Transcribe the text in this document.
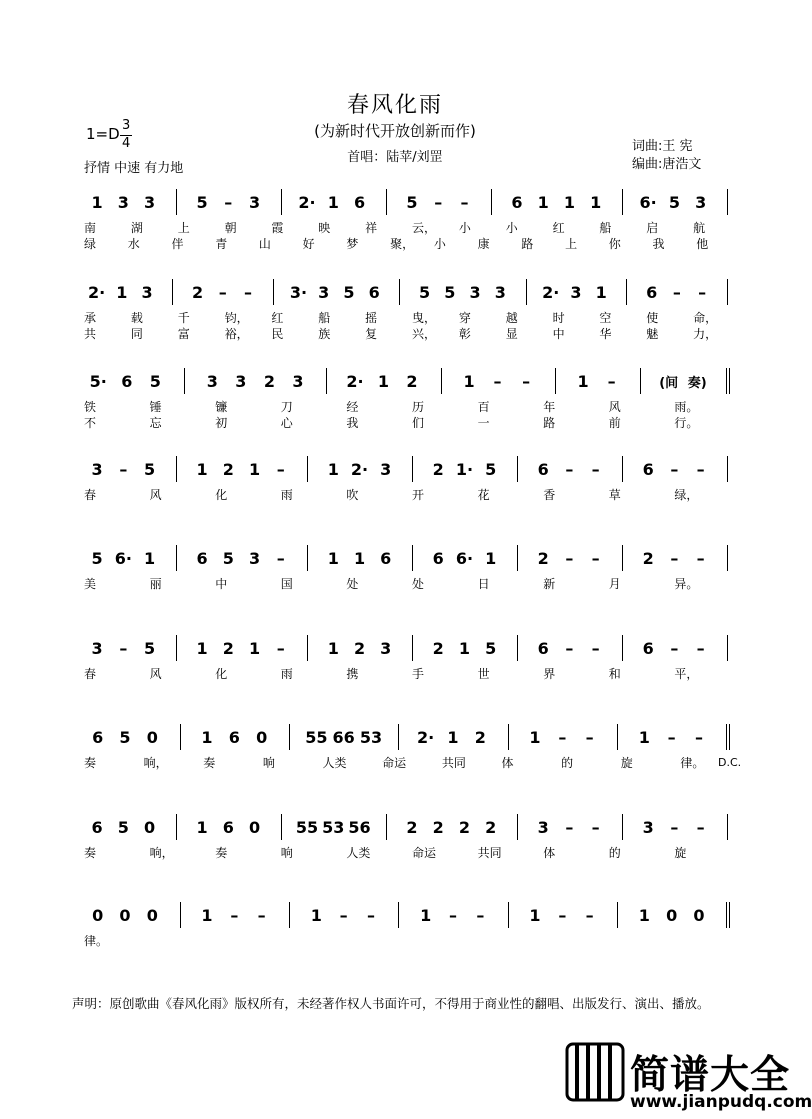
春风化雨
(为新时代开放创新而作)
首唱：陆苹/刘罡
词曲:王 宪
编曲:唐浩文
1=D 3
4
抒情 中速 有力地
1 3 3	5	–	3	2· 1 6	5	–	–	6 1 1 1	6· 5 3
南	湖	上	朝	霞	映	祥	云， 小	小	红	船	启	航
绿	水	伴	青	山	好	梦	聚， 小	康	路	上	你	我	他
2· 1 3	2 –	–	3· 3 5 6	5 5 3 3	2· 3 1	6 –	–
承	载	千	钧， 红	船	摇	曳， 穿	越	时	空	使	命，
共	同	富	裕， 民	族	复	兴， 彰	显	中	华	魅	力，
5· 6	5	3	3	2	3	2· 1	2	1	–	–	1	–	(间 奏)
铁	锤	镰	刀	经	历	百	年	风	雨。
不	忘	初	心	我	们	一	路	前	行。
3	–	5	1 2 1	–	1 2· 3	2 1· 5	6	–	–	6	–	–
春	风	化	雨	吹	开	花	香	草	绿，
5 6· 1	6 5 3	–	1 1 6	6 6· 1	2	–	–	2	–	–
美	丽	中	国	处	处	日	新	月	异。
3	–	5	1 2 1	–	1 2 3	2 1 5	6	–	–	6	–	–
春	风	化	雨	携	手	世	界	和	平，
6	5	0	1	6	0	55 66 53	2· 1	2	1	–	–	1	–	–
奏	响，	奏	响	人类	命运	共同	体	的	旋	律。 D.C.
6 5 0	1 6 0	55 53 56	2 2 2 2	3	–	–	3	–	–
奏	响，	奏	响	人类	命运	共同	体	的	旋
0	0	0	1	–	–	1	–	–	1	–	–	1	–	–	1	0	0
律。
声明：原创歌曲《春风化雨》版权所有，未经著作权人书面许可，不得用于商业性的翻唱、出版发行、演出、播放。
简谱大全
www.jianpudq.com
